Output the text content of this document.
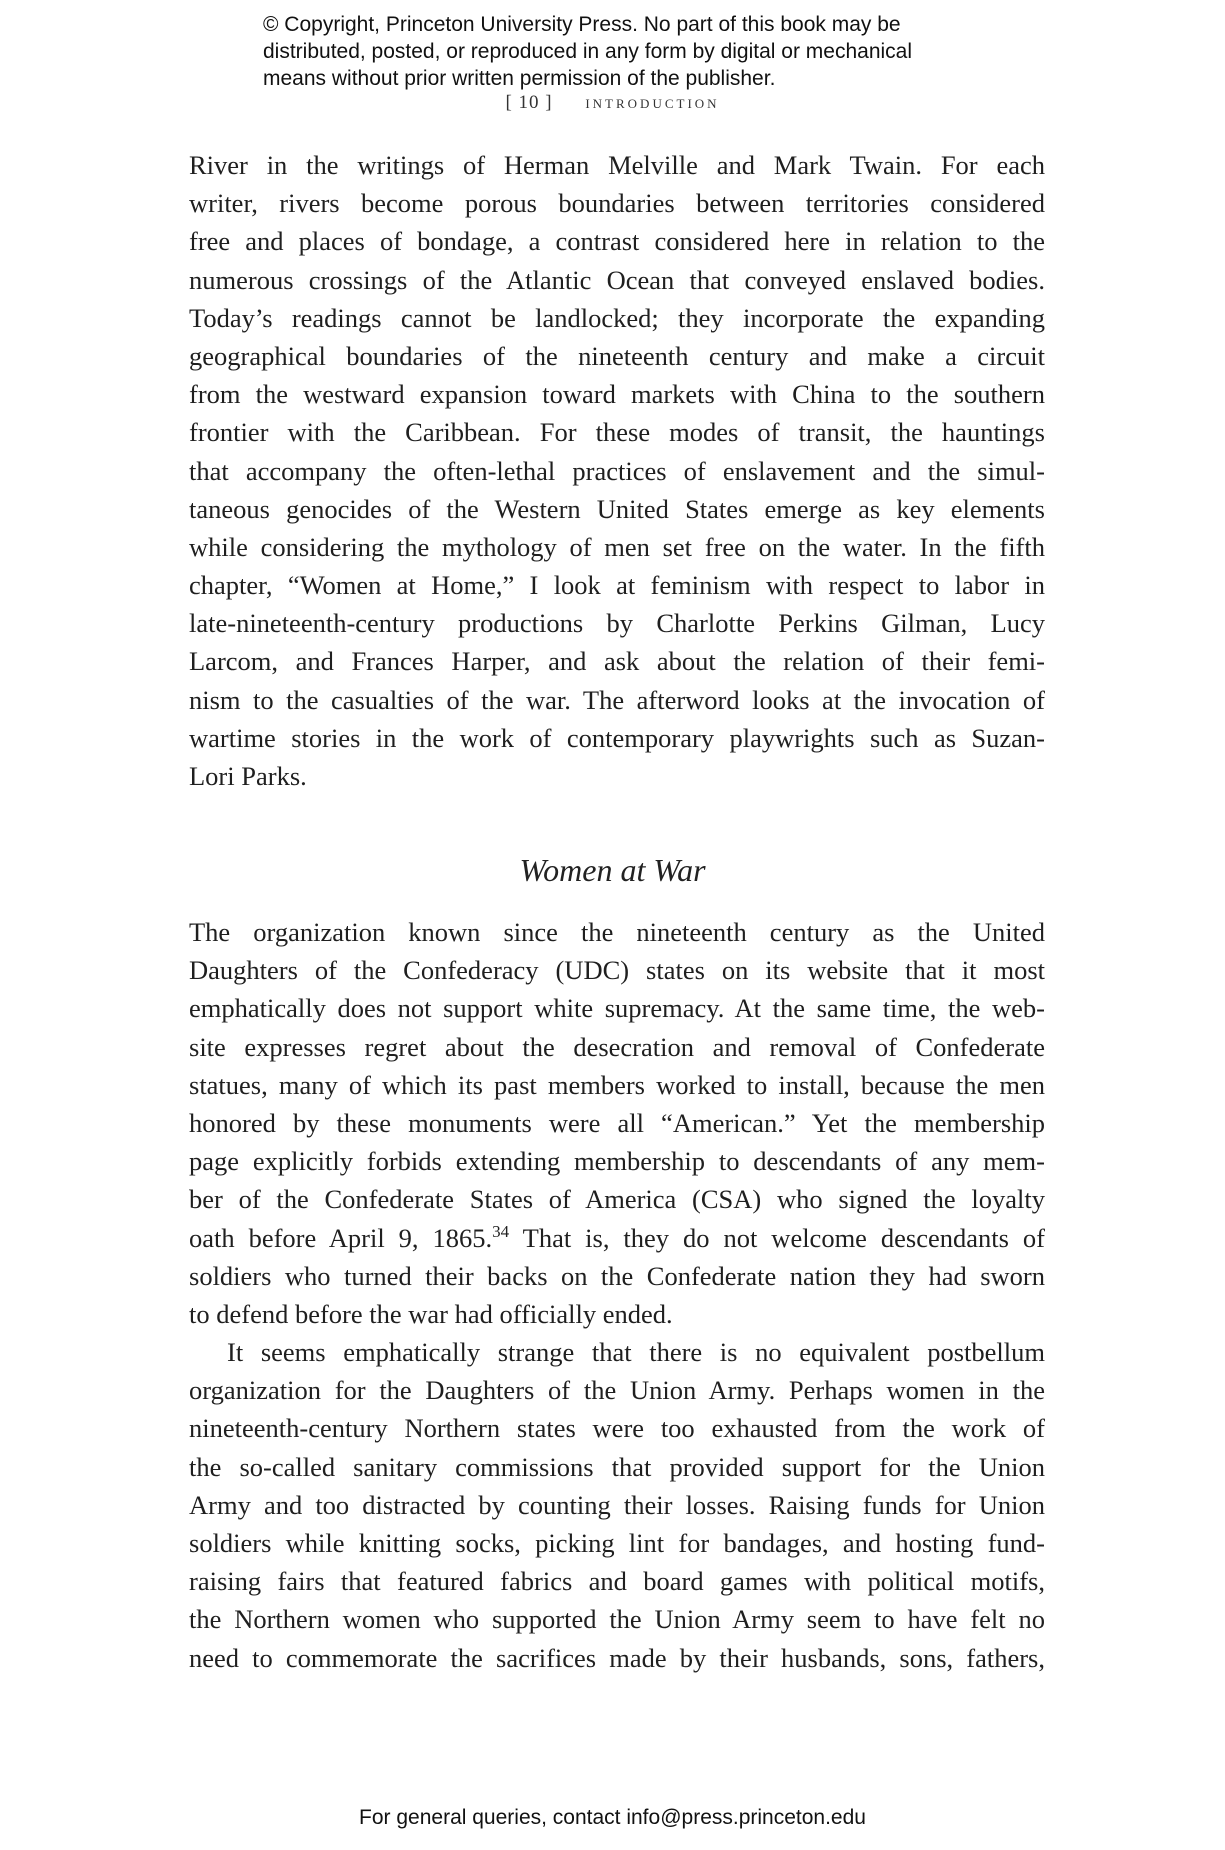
© Copyright, Princeton University Press. No part of this book may be
distributed, posted, or reproduced in any form by digital or mechanical
means without prior written permission of the publisher.
[ 10 ] introduction
River in the writings of Herman Melville and Mark Twain. For each
writer, rivers become porous boundaries between territories considered
free and places of bondage, a contrast considered here in relation to the
numerous crossings of the Atlantic Ocean that conveyed enslaved bodies.
Today’s readings cannot be landlocked; they incorporate the expanding
geographical boundaries of the nineteenth century and make a circuit
from the westward expansion toward markets with China to the southern
frontier with the Caribbean. For these modes of transit, the hauntings
that accompany the often-lethal practices of enslavement and the simul-
taneous genocides of the Western United States emerge as key elements
while considering the mythology of men set free on the water. In the fifth
chapter, “Women at Home,” I look at feminism with respect to labor in
late-nineteenth-century productions by Charlotte Perkins Gilman, Lucy
Larcom, and Frances Harper, and ask about the relation of their femi-
nism to the casualties of the war. The afterword looks at the invocation of
wartime stories in the work of contemporary playwrights such as Suzan-
Lori Parks.
Women at War
The organization known since the nineteenth century as the United
Daughters of the Confederacy (UDC) states on its website that it most
emphatically does not support white supremacy. At the same time, the web-
site expresses regret about the desecration and removal of Confederate
statues, many of which its past members worked to install, because the men
honored by these monuments were all “American.” Yet the membership
page explicitly forbids extending membership to descendants of any mem-
ber of the Confederate States of America (CSA) who signed the loyalty
oath before April 9, 1865.34 That is, they do not welcome descendants of
soldiers who turned their backs on the Confederate nation they had sworn
to defend before the war had officially ended.
It seems emphatically strange that there is no equivalent postbellum
organization for the Daughters of the Union Army. Perhaps women in the
nineteenth-century Northern states were too exhausted from the work of
the so-called sanitary commissions that provided support for the Union
Army and too distracted by counting their losses. Raising funds for Union
soldiers while knitting socks, picking lint for bandages, and hosting fund-
raising fairs that featured fabrics and board games with political motifs,
the Northern women who supported the Union Army seem to have felt no
need to commemorate the sacrifices made by their husbands, sons, fathers,
For general queries, contact info@press.princeton.edu
